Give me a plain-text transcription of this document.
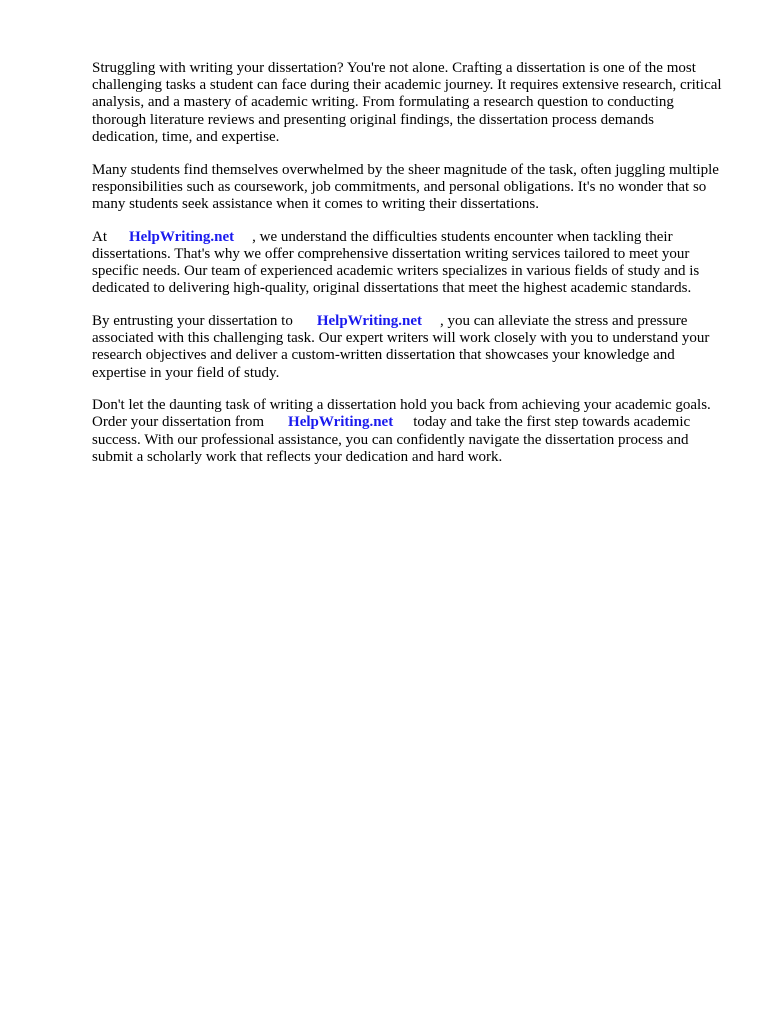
Struggling with writing your dissertation? You're not alone. Crafting a dissertation is one of the most challenging tasks a student can face during their academic journey. It requires extensive research, critical analysis, and a mastery of academic writing. From formulating a research question to conducting thorough literature reviews and presenting original findings, the dissertation process demands dedication, time, and expertise.

Many students find themselves overwhelmed by the sheer magnitude of the task, often juggling multiple responsibilities such as coursework, job commitments, and personal obligations. It's no wonder that so many students seek assistance when it comes to writing their dissertations.

At HelpWriting.net , we understand the difficulties students encounter when tackling their dissertations. That's why we offer comprehensive dissertation writing services tailored to meet your specific needs. Our team of experienced academic writers specializes in various fields of study and is dedicated to delivering high-quality, original dissertations that meet the highest academic standards.

By entrusting your dissertation to HelpWriting.net , you can alleviate the stress and pressure associated with this challenging task. Our expert writers will work closely with you to understand your research objectives and deliver a custom-written dissertation that showcases your knowledge and expertise in your field of study.

Don't let the daunting task of writing a dissertation hold you back from achieving your academic goals. Order your dissertation from HelpWriting.net today and take the first step towards academic success. With our professional assistance, you can confidently navigate the dissertation process and submit a scholarly work that reflects your dedication and hard work.
